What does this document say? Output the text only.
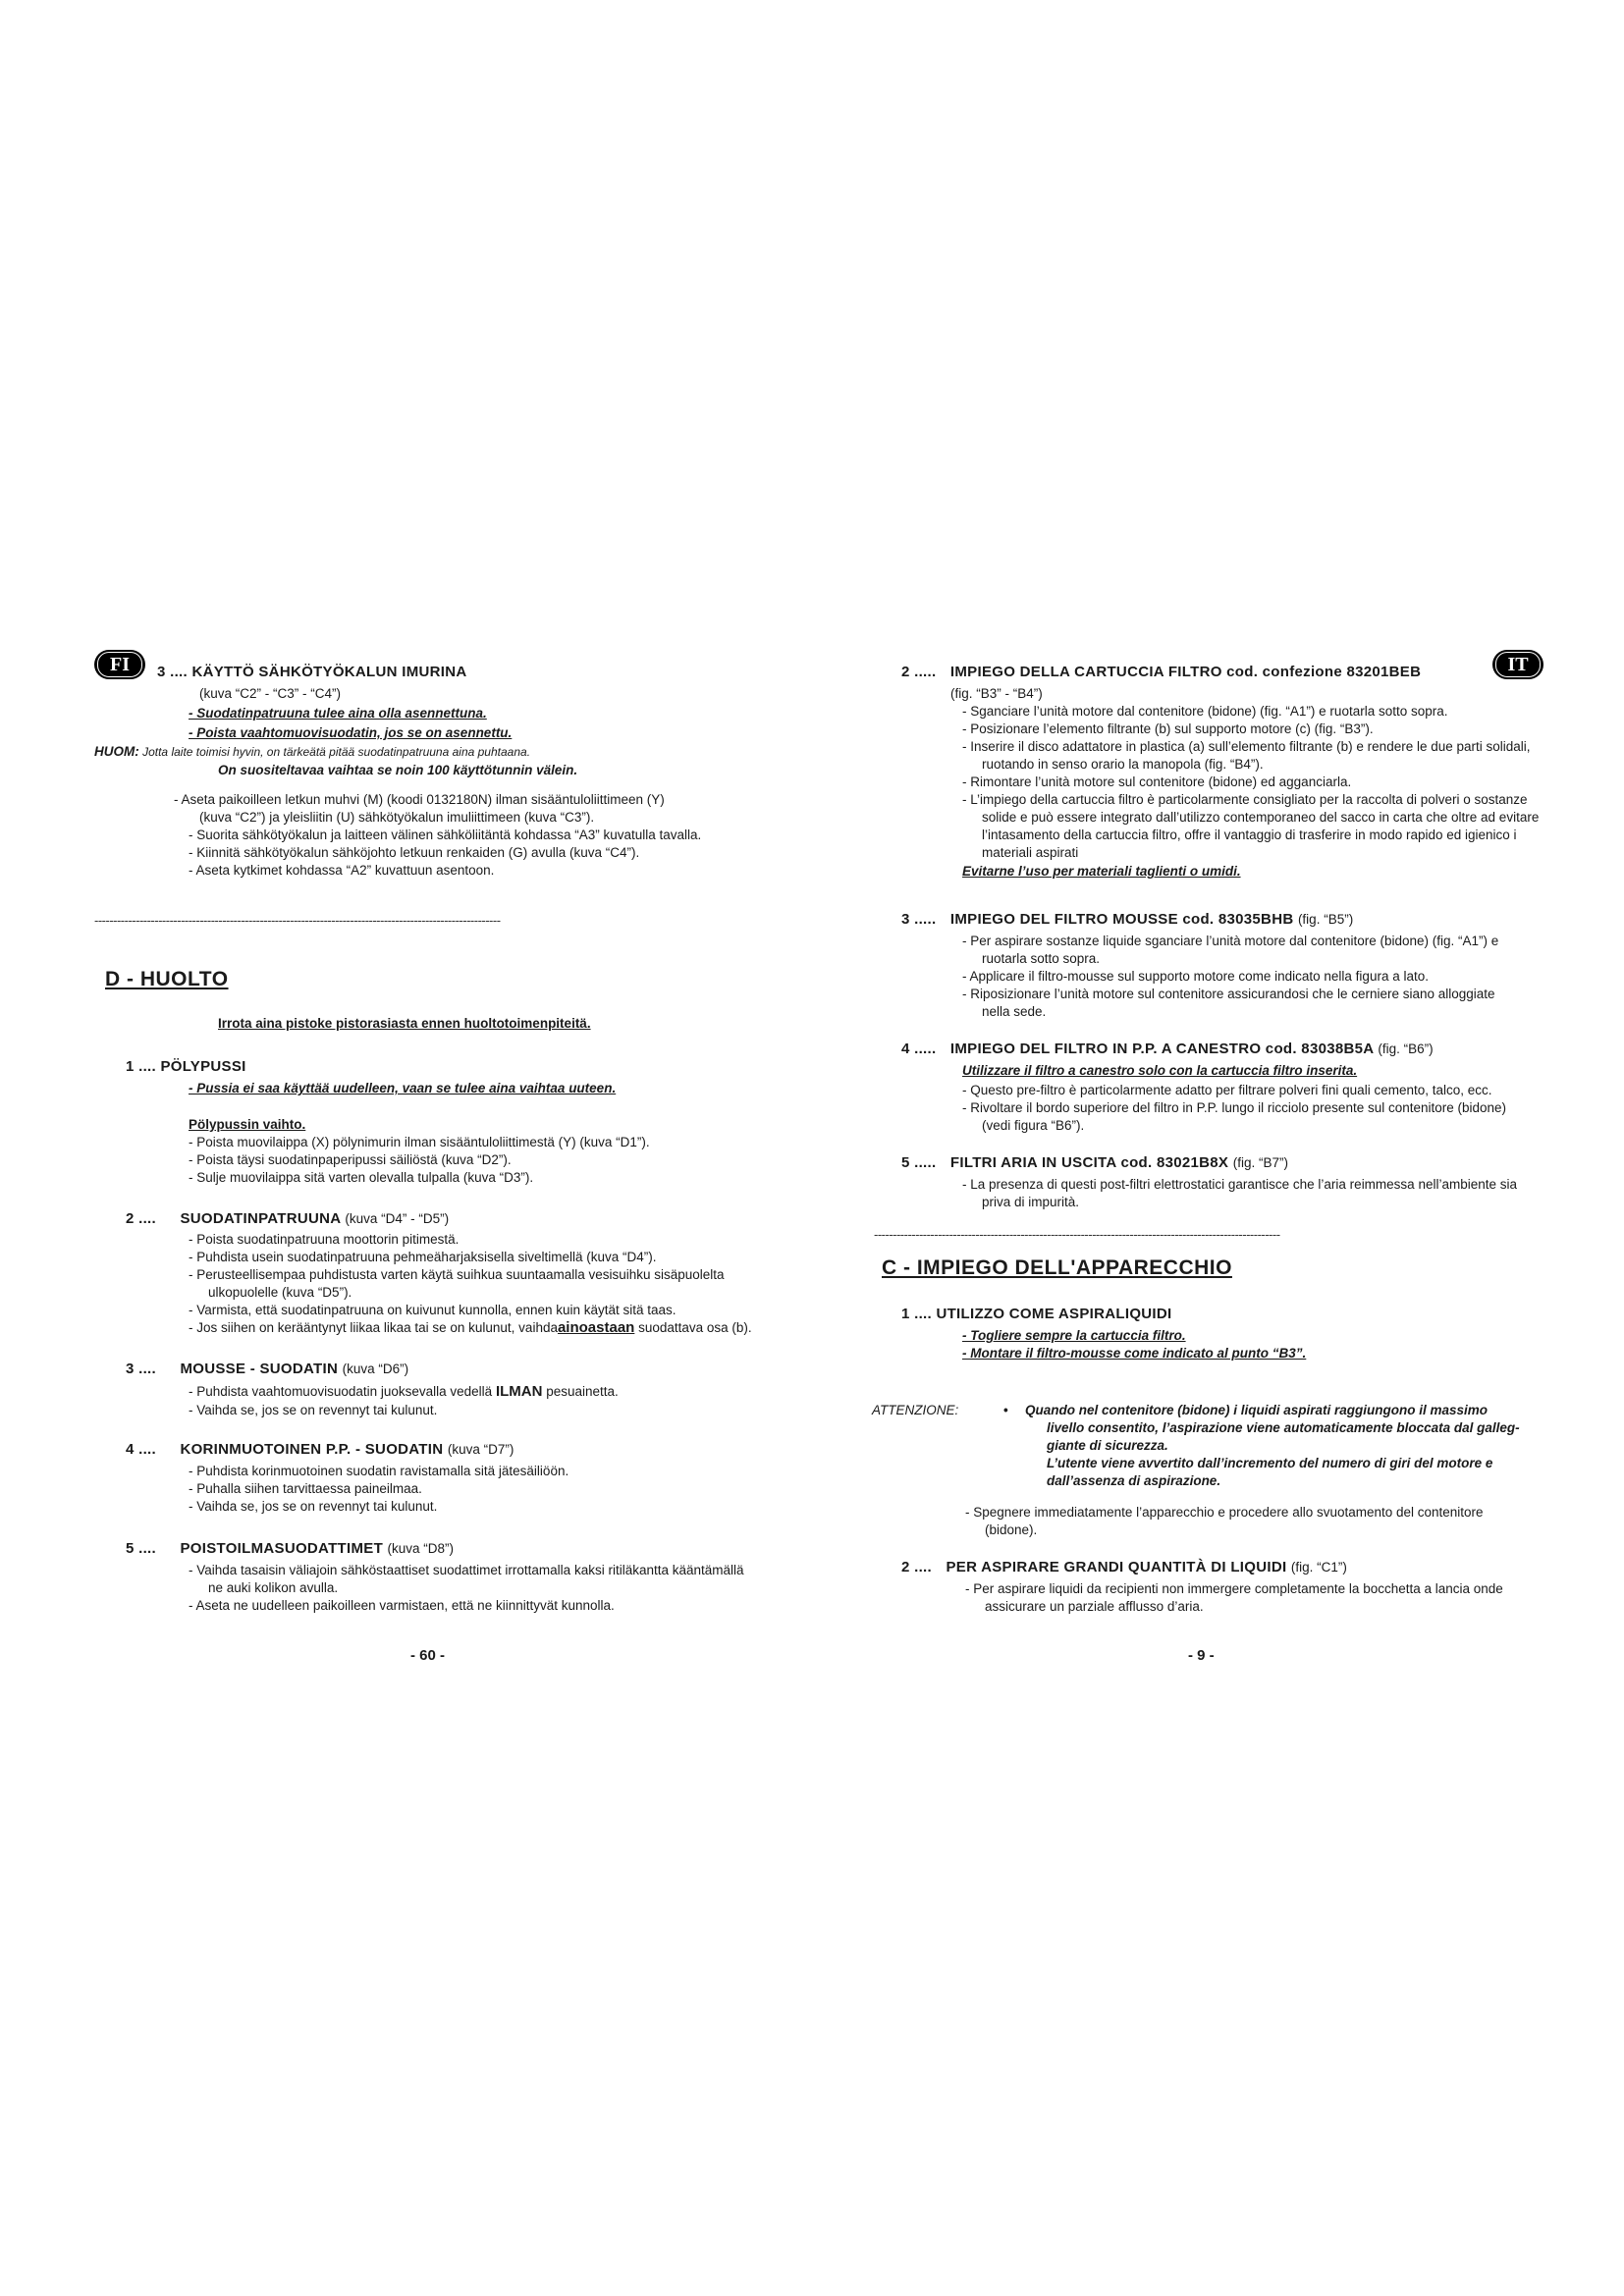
FI	3 .... KÄYTTÖ SÄHKÖTYÖKALUN IMURINA
(kuva “C2” - “C3” - “C4”)
- Suodatinpatruuna tulee aina olla asennettuna.
- Poista vaahtomuovisuodatin, jos se on asennettu.
HUOM: Jotta laite toimisi hyvin, on tärkeätä pitää suodatinpatruuna aina puhtaana.
On suositeltavaa vaihtaa se noin 100 käyttötunnin välein.
- Aseta paikoilleen letkun muhvi (M) (koodi 0132180N) ilman sisääntuloliittimeen (Y)
(kuva “C2”) ja yleisliitin (U) sähkötyökalun imuliittimeen (kuva “C3”).
- Suorita sähkötyökalun ja laitteen välinen sähköliitäntä kohdassa “A3” kuvatulla tavalla.
- Kiinnitä sähkötyökalun sähköjohto letkuun renkaiden (G) avulla (kuva “C4”).
- Aseta kytkimet kohdassa “A2” kuvattuun asentoon.
------------------------------------------------------------------------------------------------------------
D - HUOLTO
Irrota aina pistoke pistorasiasta ennen huoltotoimenpiteitä.
1 .... PÖLYPUSSI
- Pussia ei saa käyttää uudelleen, vaan se tulee aina vaihtaa uuteen.
Pölypussin vaihto.
- Poista muovilaippa (X) pölynimurin ilman sisääntuloliittimestä (Y) (kuva “D1”).
- Poista täysi suodatinpaperipussi säiliöstä (kuva “D2”).
- Sulje muovilaippa sitä varten olevalla tulpalla (kuva “D3”).
2 .... SUODATINPATRUUNA (kuva “D4” - “D5”)
- Poista suodatinpatruuna moottorin pitimestä.
- Puhdista usein suodatinpatruuna pehmeäharjaksisella siveltimellä (kuva “D4”).
- Perusteellisempaa puhdistusta varten käytä suihkua suuntaamalla vesisuihku sisäpuolelta
ulkopuolelle (kuva “D5”).
- Varmista, että suodatinpatruuna on kuivunut kunnolla, ennen kuin käytät sitä taas.
- Jos siihen on kerääntynyt liikaa likaa tai se on kulunut, vaihdaainoastaan suodattava osa (b).
3 .... MOUSSE - SUODATIN (kuva “D6”)
- Puhdista vaahtomuovisuodatin juoksevalla vedellä ILMAN pesuainetta.
- Vaihda se, jos se on revennyt tai kulunut.
4 .... KORINMUOTOINEN P.P. - SUODATIN (kuva “D7”)
- Puhdista korinmuotoinen suodatin ravistamalla sitä jätesäiliöön.
- Puhalla siihen tarvittaessa paineilmaa.
- Vaihda se, jos se on revennyt tai kulunut.
5 .... POISTOILMASUODATTIMET (kuva “D8”)
- Vaihda tasaisin väliajoin sähköstaattiset suodattimet irrottamalla kaksi ritiläkantta kääntämällä
ne auki kolikon avulla.
- Aseta ne uudelleen paikoilleen varmistaen, että ne kiinnittyvät kunnolla.
- 60 -
IT
2 ..... IMPIEGO DELLA CARTUCCIA FILTRO cod. confezione 83201BEB
(fig. “B3” - “B4”)
- Sganciare l’unità motore dal contenitore (bidone) (fig. “A1”) e ruotarla sotto sopra.
- Posizionare l’elemento filtrante (b) sul supporto motore (c) (fig. “B3”).
- Inserire il disco adattatore in plastica (a) sull’elemento filtrante (b) e rendere le due parti solidali,
ruotando in senso orario la manopola (fig. “B4”).
- Rimontare l’unità motore sul contenitore (bidone) ed agganciarla.
- L’impiego della cartuccia filtro è particolarmente consigliato per la raccolta di polveri o sostanze
solide e può essere integrato dall’utilizzo contemporaneo del sacco in carta che oltre ad evitare
l’intasamento della cartuccia filtro, offre il vantaggio di trasferire in modo rapido ed igienico i
materiali aspirati
Evitarne l’uso per materiali taglienti o umidi.
3 ..... IMPIEGO DEL FILTRO MOUSSE cod. 83035BHB (fig. “B5”)
- Per aspirare sostanze liquide sganciare l’unità motore dal contenitore (bidone) (fig. “A1”) e
ruotarla sotto sopra.
- Applicare il filtro-mousse sul supporto motore come indicato nella figura a lato.
- Riposizionare l’unità motore sul contenitore assicurandosi che le cerniere siano alloggiate
nella sede.
4 ..... IMPIEGO DEL FILTRO IN P.P. A CANESTRO cod. 83038B5A (fig. “B6”)
Utilizzare il filtro a canestro solo con la cartuccia filtro inserita.
- Questo pre-filtro è particolarmente adatto per filtrare polveri fini quali cemento, talco, ecc.
- Rivoltare il bordo superiore del filtro in P.P. lungo il ricciolo presente sul contenitore (bidone)
(vedi figura “B6”).
5 ..... FILTRI ARIA IN USCITA cod. 83021B8X (fig. “B7”)
- La presenza di questi post-filtri elettrostatici garantisce che l’aria reimmessa nell’ambiente sia
priva di impurità.
------------------------------------------------------------------------------------------------------------
C - IMPIEGO DELL'APPARECCHIO
1 .... UTILIZZO COME ASPIRALIQUIDI
- Togliere sempre la cartuccia filtro.
- Montare il filtro-mousse come indicato al punto “B3”.
ATTENZIONE:	• Quando nel contenitore (bidone) i liquidi aspirati raggiungono il massimo
livello consentito, l’aspirazione viene automaticamente bloccata dal galleg-
giante di sicurezza.
L’utente viene avvertito dall’incremento del numero di giri del motore e
dall’assenza di aspirazione.
- Spegnere immediatamente l’apparecchio e procedere allo svuotamento del contenitore
(bidone).
2 .... PER ASPIRARE GRANDI QUANTITÀ DI LIQUIDI (fig. “C1”)
- Per aspirare liquidi da recipienti non immergere completamente la bocchetta a lancia onde
assicurare un parziale afflusso d’aria.
- 9 -
